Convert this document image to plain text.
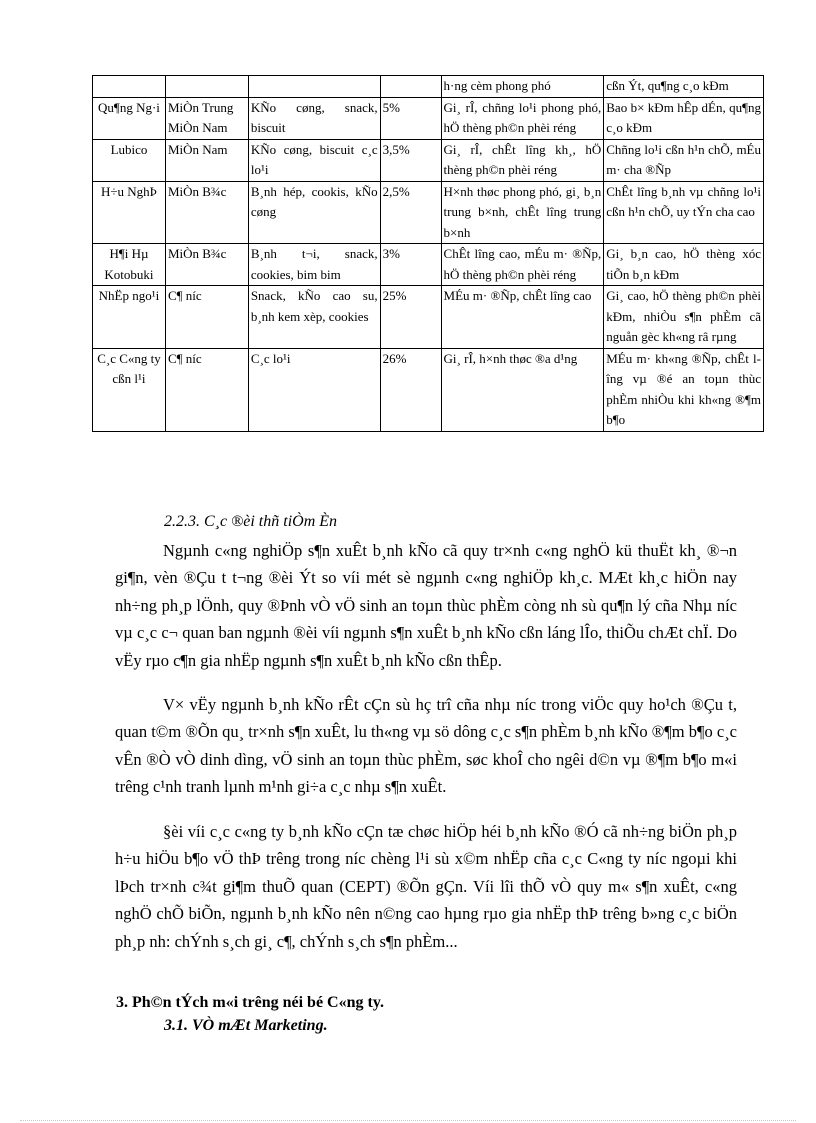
				h·ng cèm phong phó	cßn Ýt, qu¶ng c¸o kÐm
Qu¶ng Ng·i	MiÒn Trung MiÒn Nam	KÑo cøng, snack, biscuit	5%	Gi¸ rÎ, chñng lo¹i phong phó, hÖ thèng ph©n phèi réng	Bao b× kÐm hÊp dÉn, qu¶ng c¸o kÐm
Lubico	MiÒn Nam	KÑo cøng, biscuit c¸c lo¹i	3,5%	Gi¸ rÎ, chÊt lîng kh¸, hÖ thèng ph©n phèi réng	Chñng lo¹i cßn h¹n chÕ, mÉu m· cha ®Ñp
H÷u NghÞ	MiÒn B¾c	B¸nh hép, cookis, kÑo cøng	2,5%	H×nh thøc phong phó, gi¸ b¸n trung b×nh, chÊt lîng trung b×nh	ChÊt lîng b¸nh vµ chñng lo¹i cßn h¹n chÕ, uy tÝn cha cao
H¶i Hµ Kotobuki	MiÒn B¾c	B¸nh t¬i, snack, cookies, bim bim	3%	ChÊt lîng cao, mÉu m· ®Ñp, hÖ thèng ph©n phèi réng	Gi¸ b¸n cao, hÖ thèng xóc tiÕn b¸n kÐm
NhËp ngo¹i	C¶ níc	Snack, kÑo cao su, b¸nh kem xèp, cookies	25%	MÉu m· ®Ñp, chÊt lîng cao	Gi¸ cao, hÖ thèng ph©n phèi kÐm, nhiÒu s¶n phÈm cã nguån gèc kh«ng râ rµng
C¸c C«ng ty cßn l¹i	C¶ níc	C¸c lo¹i	26%	Gi¸ rÎ, h×nh thøc ®a d¹ng	MÉu m· kh«ng ®Ñp, chÊt lîng vµ ®é an toµn thùc phÈm nhiÒu khi kh«ng ®¶m b¶o
2.2.3. C¸c ®èi thñ tiÒm Èn

Ngµnh c«ng nghiÖp s¶n xuÊt b¸nh kÑo cã quy tr×nh c«ng nghÖ kü thuËt kh¸ ®¬n gi¶n, vèn ®Çu t t¬ng ®èi Ýt so víi mét sè ngµnh c«ng nghiÖp kh¸c. MÆt kh¸c hiÖn nay nh÷ng ph¸p lÖnh, quy ®Þnh vÒ vÖ sinh an toµn thùc phÈm còng nh sù qu¶n lý cña Nhµ níc vµ c¸c c¬ quan ban ngµnh ®èi víi ngµnh s¶n xuÊt b¸nh kÑo cßn láng lÎo, thiÕu chÆt chÏ. Do vËy rµo c¶n gia nhËp ngµnh s¶n xuÊt b¸nh kÑo cßn thÊp.

V× vËy ngµnh b¸nh kÑo rÊt cÇn sù hç trî cña nhµ níc trong viÖc quy ho¹ch ®Çu t, quan t©m ®Õn qu¸ tr×nh s¶n xuÊt, lu th«ng vµ sö dông c¸c s¶n phÈm b¸nh kÑo ®¶m b¶o c¸c vÊn ®Ò vÒ dinh dìng, vÖ sinh an toµn thùc phÈm, søc khoÎ cho ngêi d©n vµ ®¶m b¶o m«i trêng c¹nh tranh lµnh m¹nh gi÷a c¸c nhµ s¶n xuÊt.

§èi víi c¸c c«ng ty b¸nh kÑo cÇn tæ chøc hiÖp héi b¸nh kÑo ®Ó cã nh÷ng biÖn ph¸p h÷u hiÖu b¶o vÖ thÞ trêng trong níc chèng l¹i sù x©m nhËp cña c¸c C«ng ty níc ngoµi khi lÞch tr×nh c¾t gi¶m thuÕ quan (CEPT) ®Õn gÇn. Víi lîi thÕ vÒ quy m« s¶n xuÊt, c«ng nghÖ chÕ biÕn, ngµnh b¸nh kÑo nên n©ng cao hµng rµo gia nhËp thÞ trêng b»ng c¸c biÖn ph¸p nh: chÝnh s¸ch gi¸ c¶, chÝnh s¸ch s¶n phÈm...

3. Ph©n tÝch m«i trêng néi bé C«ng ty.
3.1. VÒ mÆt Marketing.
